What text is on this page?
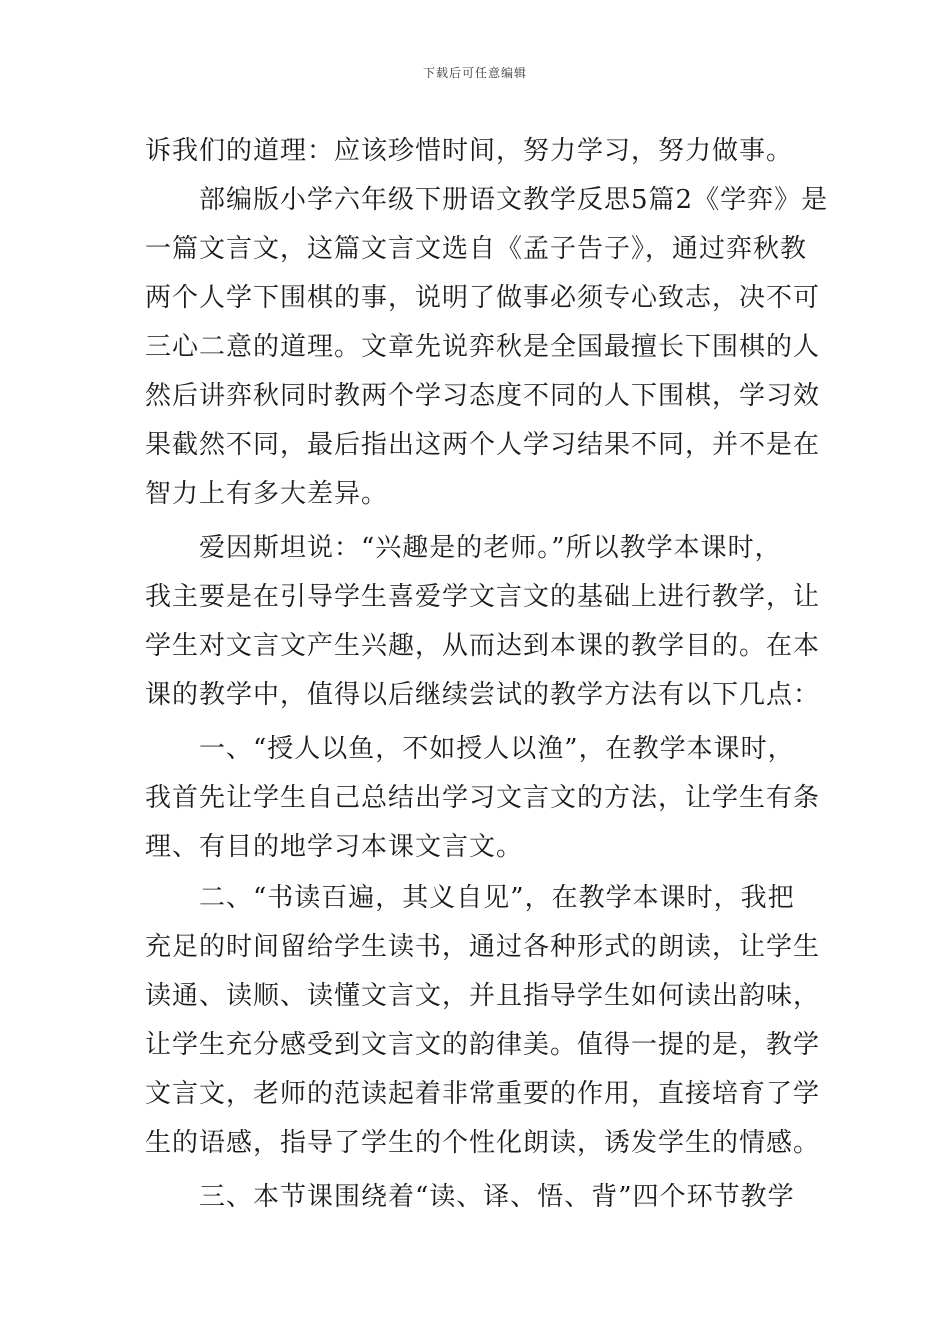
下载后可任意编辑
诉我们的道理：应该珍惜时间，努力学习，努力做事。
　　部编版小学六年级下册语文教学反思5篇2《学弈》是
一篇文言文，这篇文言文选自《孟子告子》，通过弈秋教
两个人学下围棋的事，说明了做事必须专心致志，决不可
三心二意的道理。文章先说弈秋是全国最擅长下围棋的人
然后讲弈秋同时教两个学习态度不同的人下围棋，学习效
果截然不同，最后指出这两个人学习结果不同，并不是在
智力上有多大差异。
　　爱因斯坦说：“兴趣是的老师。”所以教学本课时，
我主要是在引导学生喜爱学文言文的基础上进行教学，让
学生对文言文产生兴趣，从而达到本课的教学目的。在本
课的教学中，值得以后继续尝试的教学方法有以下几点：
　　一、“授人以鱼，不如授人以渔”，在教学本课时，
我首先让学生自己总结出学习文言文的方法，让学生有条
理、有目的地学习本课文言文。
　　二、“书读百遍，其义自见”，在教学本课时，我把
充足的时间留给学生读书，通过各种形式的朗读，让学生
读通、读顺、读懂文言文，并且指导学生如何读出韵味，
让学生充分感受到文言文的韵律美。值得一提的是，教学
文言文，老师的范读起着非常重要的作用，直接培育了学
生的语感，指导了学生的个性化朗读，诱发学生的情感。
　　三、本节课围绕着“读、译、悟、背”四个环节教学
